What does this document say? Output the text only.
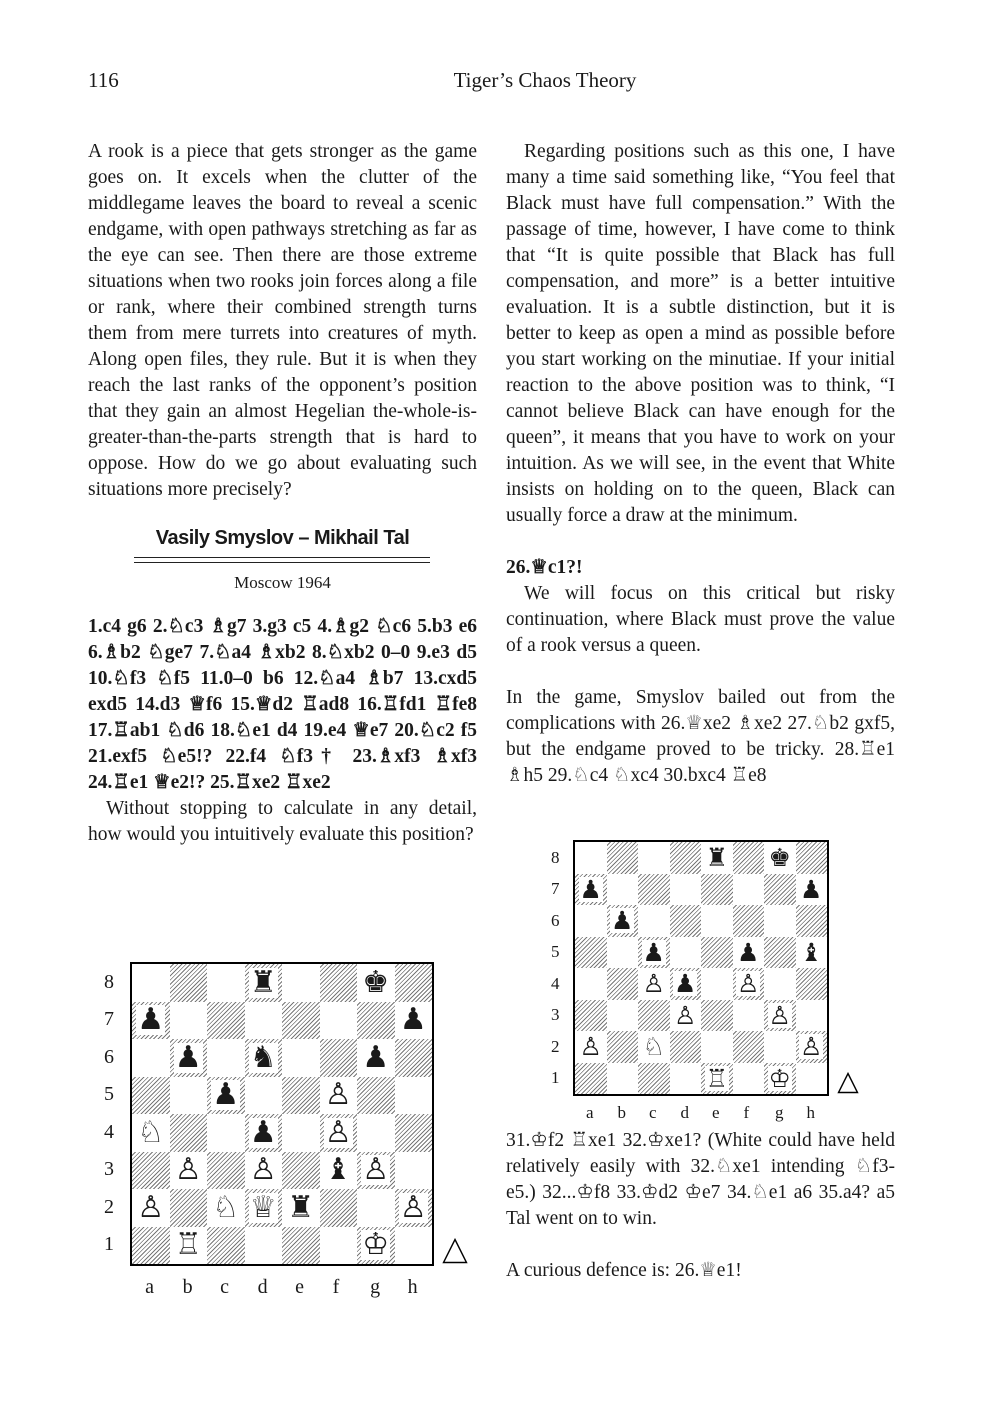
116	Tiger’s Chaos Theory

A rook is a piece that gets stronger as the game goes on. It excels when the clutter of the middlegame leaves the board to reveal a scenic endgame, with open pathways stretching as far as the eye can see. Then there are those extreme situations when two rooks join forces along a file or rank, where their combined strength turns them from mere turrets into creatures of myth. Along open files, they rule. But it is when they reach the last ranks of the opponent’s position that they gain an almost Hegelian the-whole-is-greater-than-the-parts strength that is hard to oppose. How do we go about evaluating such situations more precisely?

Vasily Smyslov – Mikhail Tal
Moscow 1964

1.c4 g6 2.♘c3 ♗g7 3.g3 c5 4.♗g2 ♘c6 5.b3 e6 6.♗b2 ♘ge7 7.♘a4 ♗xb2 8.♘xb2 0–0 9.e3 d5 10.♘f3 ♘f5 11.0–0 b6 12.♘a4 ♗b7 13.cxd5 exd5 14.d3 ♕f6 15.♕d2 ♖ad8 16.♖fd1 ♖fe8 17.♖ab1 ♘d6 18.♘e1 d4 19.e4 ♕e7 20.♘c2 f5 21.exf5 ♘e5!? 22.f4 ♘f3† 23.♗xf3 ♗xf3 24.♖e1 ♕e2!? 25.♖xe2 ♖xe2

Without stopping to calculate in any detail, how would you intuitively evaluate this position?

Regarding positions such as this one, I have many a time said something like, “You feel that Black must have full compensation.” With the passage of time, however, I have come to think that “It is quite possible that Black has full compensation, and more” is a better intuitive evaluation. It is a subtle distinction, but it is better to keep as open a mind as possible before you start working on the minutiae. If your initial reaction to the above position was to think, “I cannot believe Black can have enough for the queen”, it means that you have to work on your intuition. As we will see, in the event that White insists on holding on to the queen, Black can usually force a draw at the minimum.

26.♕c1?!

We will focus on this critical but risky continuation, where Black must prove the value of a rook versus a queen.

In the game, Smyslov bailed out from the complications with 26.♕xe2 ♗xe2 27.♘b2 gxf5, but the endgame proved to be tricky. 28.♖e1 ♗h5 29.♘c4 ♘xc4 30.bxc4 ♖e8

31.♔f2 ♖xe1 32.♔xe1? (White could have held relatively easily with 32.♘xe1 intending ♘f3-e5.) 32...♔f8 33.♔d2 ♔e7 34.♘e1 a6 35.a4? a5 Tal went on to win.

A curious defence is: 26.♕e1!

♜	♚
♟	♟
♟ ♞	♟
♟	♙
♘	♟ ♙
♙ ♙ ♝ ♙
♙ ♘ ♕ ♜	♙
♖	♔
8
7
6
5
4
3
2
1
a b c d e f g h
♜ ♚
♟	♟
♟
♟	♟ ♝
♙ ♟ ♙
♙	♙
♙ ♘	♙
♖ ♔
8
7
6
5
4
3
2
1
a b c d e f g h
